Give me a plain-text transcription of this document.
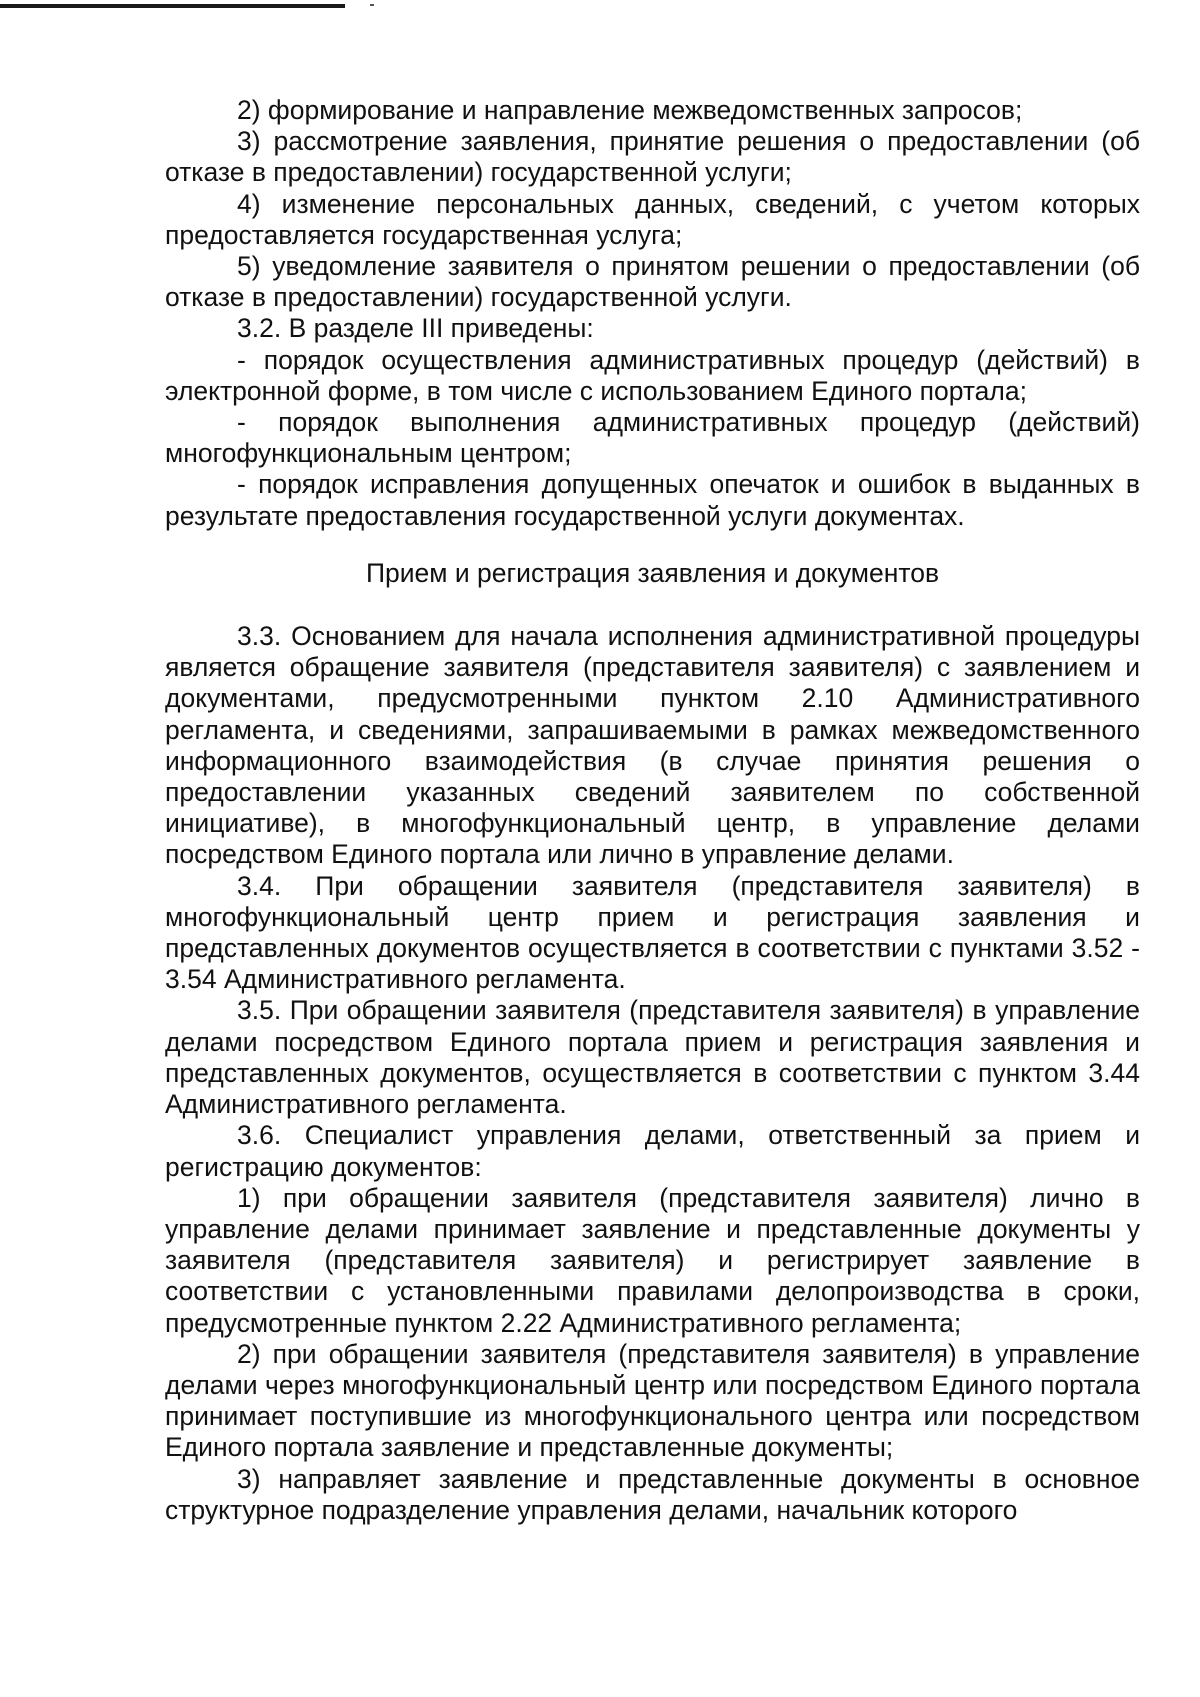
2) формирование и направление межведомственных запросов;

3) рассмотрение заявления, принятие решения о предоставлении (об отказе в предоставлении) государственной услуги;

4) изменение персональных данных, сведений, с учетом которых предоставляется государственная услуга;

5) уведомление заявителя о принятом решении о предоставлении (об отказе в предоставлении) государственной услуги.

3.2. В разделе III приведены:

- порядок осуществления административных процедур (действий) в электронной форме, в том числе с использованием Единого портала;

- порядок выполнения административных процедур (действий) многофункциональным центром;

- порядок исправления допущенных опечаток и ошибок в выданных в результате предоставления государственной услуги документах.

Прием и регистрация заявления и документов

3.3. Основанием для начала исполнения административной процедуры является обращение заявителя (представителя заявителя) с заявлением и документами, предусмотренными пунктом 2.10 Административного регламента, и сведениями, запрашиваемыми в рамках межведомственного информационного взаимодействия (в случае принятия решения о предоставлении указанных сведений заявителем по собственной инициативе), в многофункциональный центр, в управление делами посредством Единого портала или лично в управление делами.

3.4. При обращении заявителя (представителя заявителя) в многофункциональный центр прием и регистрация заявления и представленных документов осуществляется в соответствии с пунктами 3.52 - 3.54 Административного регламента.

3.5. При обращении заявителя (представителя заявителя) в управление делами посредством Единого портала прием и регистрация заявления и представленных документов, осуществляется в соответствии с пунктом 3.44 Административного регламента.

3.6. Специалист управления делами, ответственный за прием и регистрацию документов:

1) при обращении заявителя (представителя заявителя) лично в управление делами принимает заявление и представленные документы у заявителя (представителя заявителя) и регистрирует заявление в соответствии с установленными правилами делопроизводства в сроки, предусмотренные пунктом 2.22 Административного регламента;

2) при обращении заявителя (представителя заявителя) в управление делами через многофункциональный центр или посредством Единого портала принимает поступившие из многофункционального центра или посредством Единого портала заявление и представленные документы;

3) направляет заявление и представленные документы в основное структурное подразделение управления делами, начальник которого
